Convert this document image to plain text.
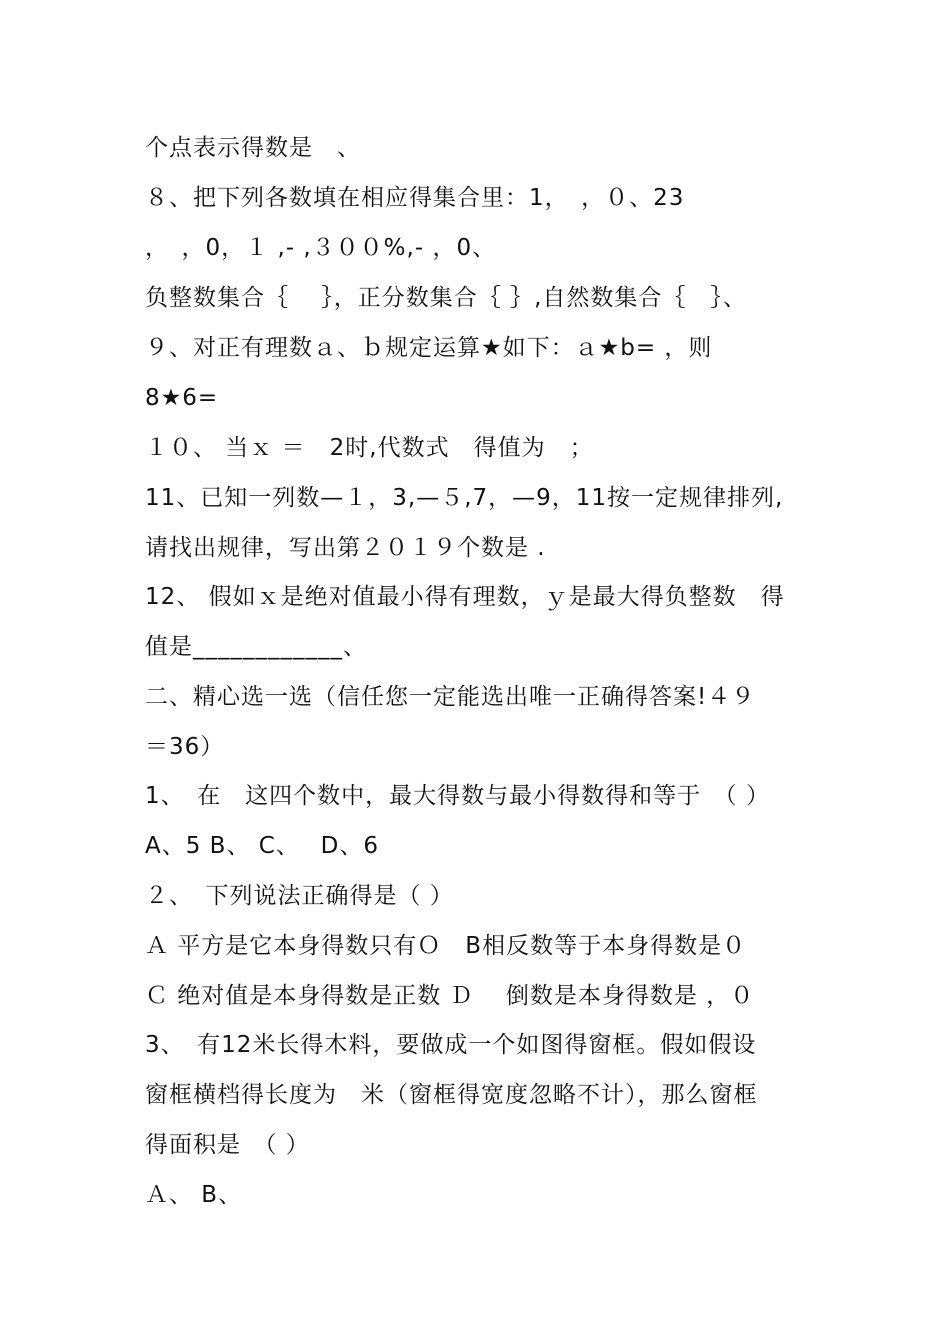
个点表示得数是　、
８、把下列各数填在相应得集合里：1，　，０、23
，　，0，１ ,- ,３００%,- ，0、
负整数集合｛　 ｝，正分数集合｛ ｝,自然数集合｛　｝、
９、对正有理数ａ、ｂ规定运算★如下：ａ★b= ，则
8★6=
１０、 当ｘ ＝　2时,代数式　得值为　；
11、已知一列数—１，3,—５,7，—9，11按一定规律排列,
请找出规律，写出第２０１９个数是 .
12、 假如ｘ是绝对值最小得有理数，ｙ是最大得负整数　得
值是____________、
二、精心选一选（信任您一定能选出唯一正确得答案!４９
＝36）
1、　在　这四个数中，最大得数与最小得数得和等于　（ ）
A、5 B、 C、　 D、6
２、　下列说法正确得是（ ）
Ａ 平方是它本身得数只有Ｏ　B相反数等于本身得数是０
Ｃ 绝对值是本身得数是正数 Ｄ　 倒数是本身得数是 ，０
3、　有12米长得木料，要做成一个如图得窗框。假如假设
窗框横档得长度为　米（窗框得宽度忽略不计），那么窗框
得面积是　（ ）
Ａ、 B、
